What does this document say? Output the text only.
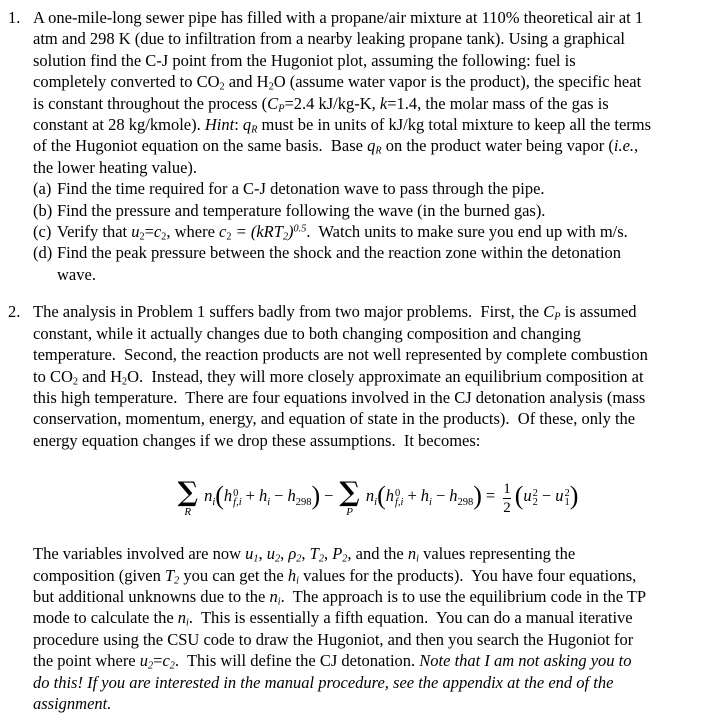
1. A one-mile-long sewer pipe has filled with a propane/air mixture at 110% theoretical air at 1
atm and 298 K (due to infiltration from a nearby leaking propane tank). Using a graphical
solution find the C-J point from the Hugoniot plot, assuming the following: fuel is
completely converted to CO2 and H2O (assume water vapor is the product), the specific heat
is constant throughout the process (CP=2.4 kJ/kg-K, k=1.4, the molar mass of the gas is
constant at 28 kg/kmole). Hint: qR must be in units of kJ/kg total mixture to keep all the terms
of the Hugoniot equation on the same basis.  Base qR on the product water being vapor (i.e.,
the lower heating value).

(a) Find the time required for a C-J detonation wave to pass through the pipe.
(b) Find the pressure and temperature following the wave (in the burned gas).
(c) Verify that u2=c2, where $c2 = (kRT2)^{0.5}$.  Watch units to make sure you end up with m/s.
(d) Find the peak pressure between the shock and the reaction zone within the detonation
wave.
2. The analysis in Problem 1 suffers badly from two major problems.  First, the CP is assumed
constant, while it actually changes due to both changing composition and changing
temperature.  Second, the reaction products are not well represented by complete combustion
to CO2 and H2O.  Instead, they will more closely approximate an equilibrium composition at
this high temperature.  There are four equations involved in the CJ detonation analysis (mass
conservation, momentum, energy, and equation of state in the products).  Of these, only the
energy equation changes if we drop these assumptions.  It becomes:

∑
R
$n_i(h$ 0
$f,i + h_i - h_{298}$) − ∑
P
$n_i(h$ 0
$f,i + h_i - h_{298}) = \frac{1}{2} (u$ 2
2 − u 2
1 )

The variables involved are now u1, u2, ρ2, T2, P2, and the ni values representing the
composition (given T2 you can get the hi values for the products).  You have four equations,
but additional unknowns due to the ni.  The approach is to use the equilibrium code in the TP
mode to calculate the ni.  This is essentially a fifth equation.  You can do a manual iterative
procedure using the CSU code to draw the Hugoniot, and then you search the Hugoniot for
the point where u2=c2.  This will define the CJ detonation. Note that I am not asking you to
do this! If you are interested in the manual procedure, see the appendix at the end of the
assignment.
